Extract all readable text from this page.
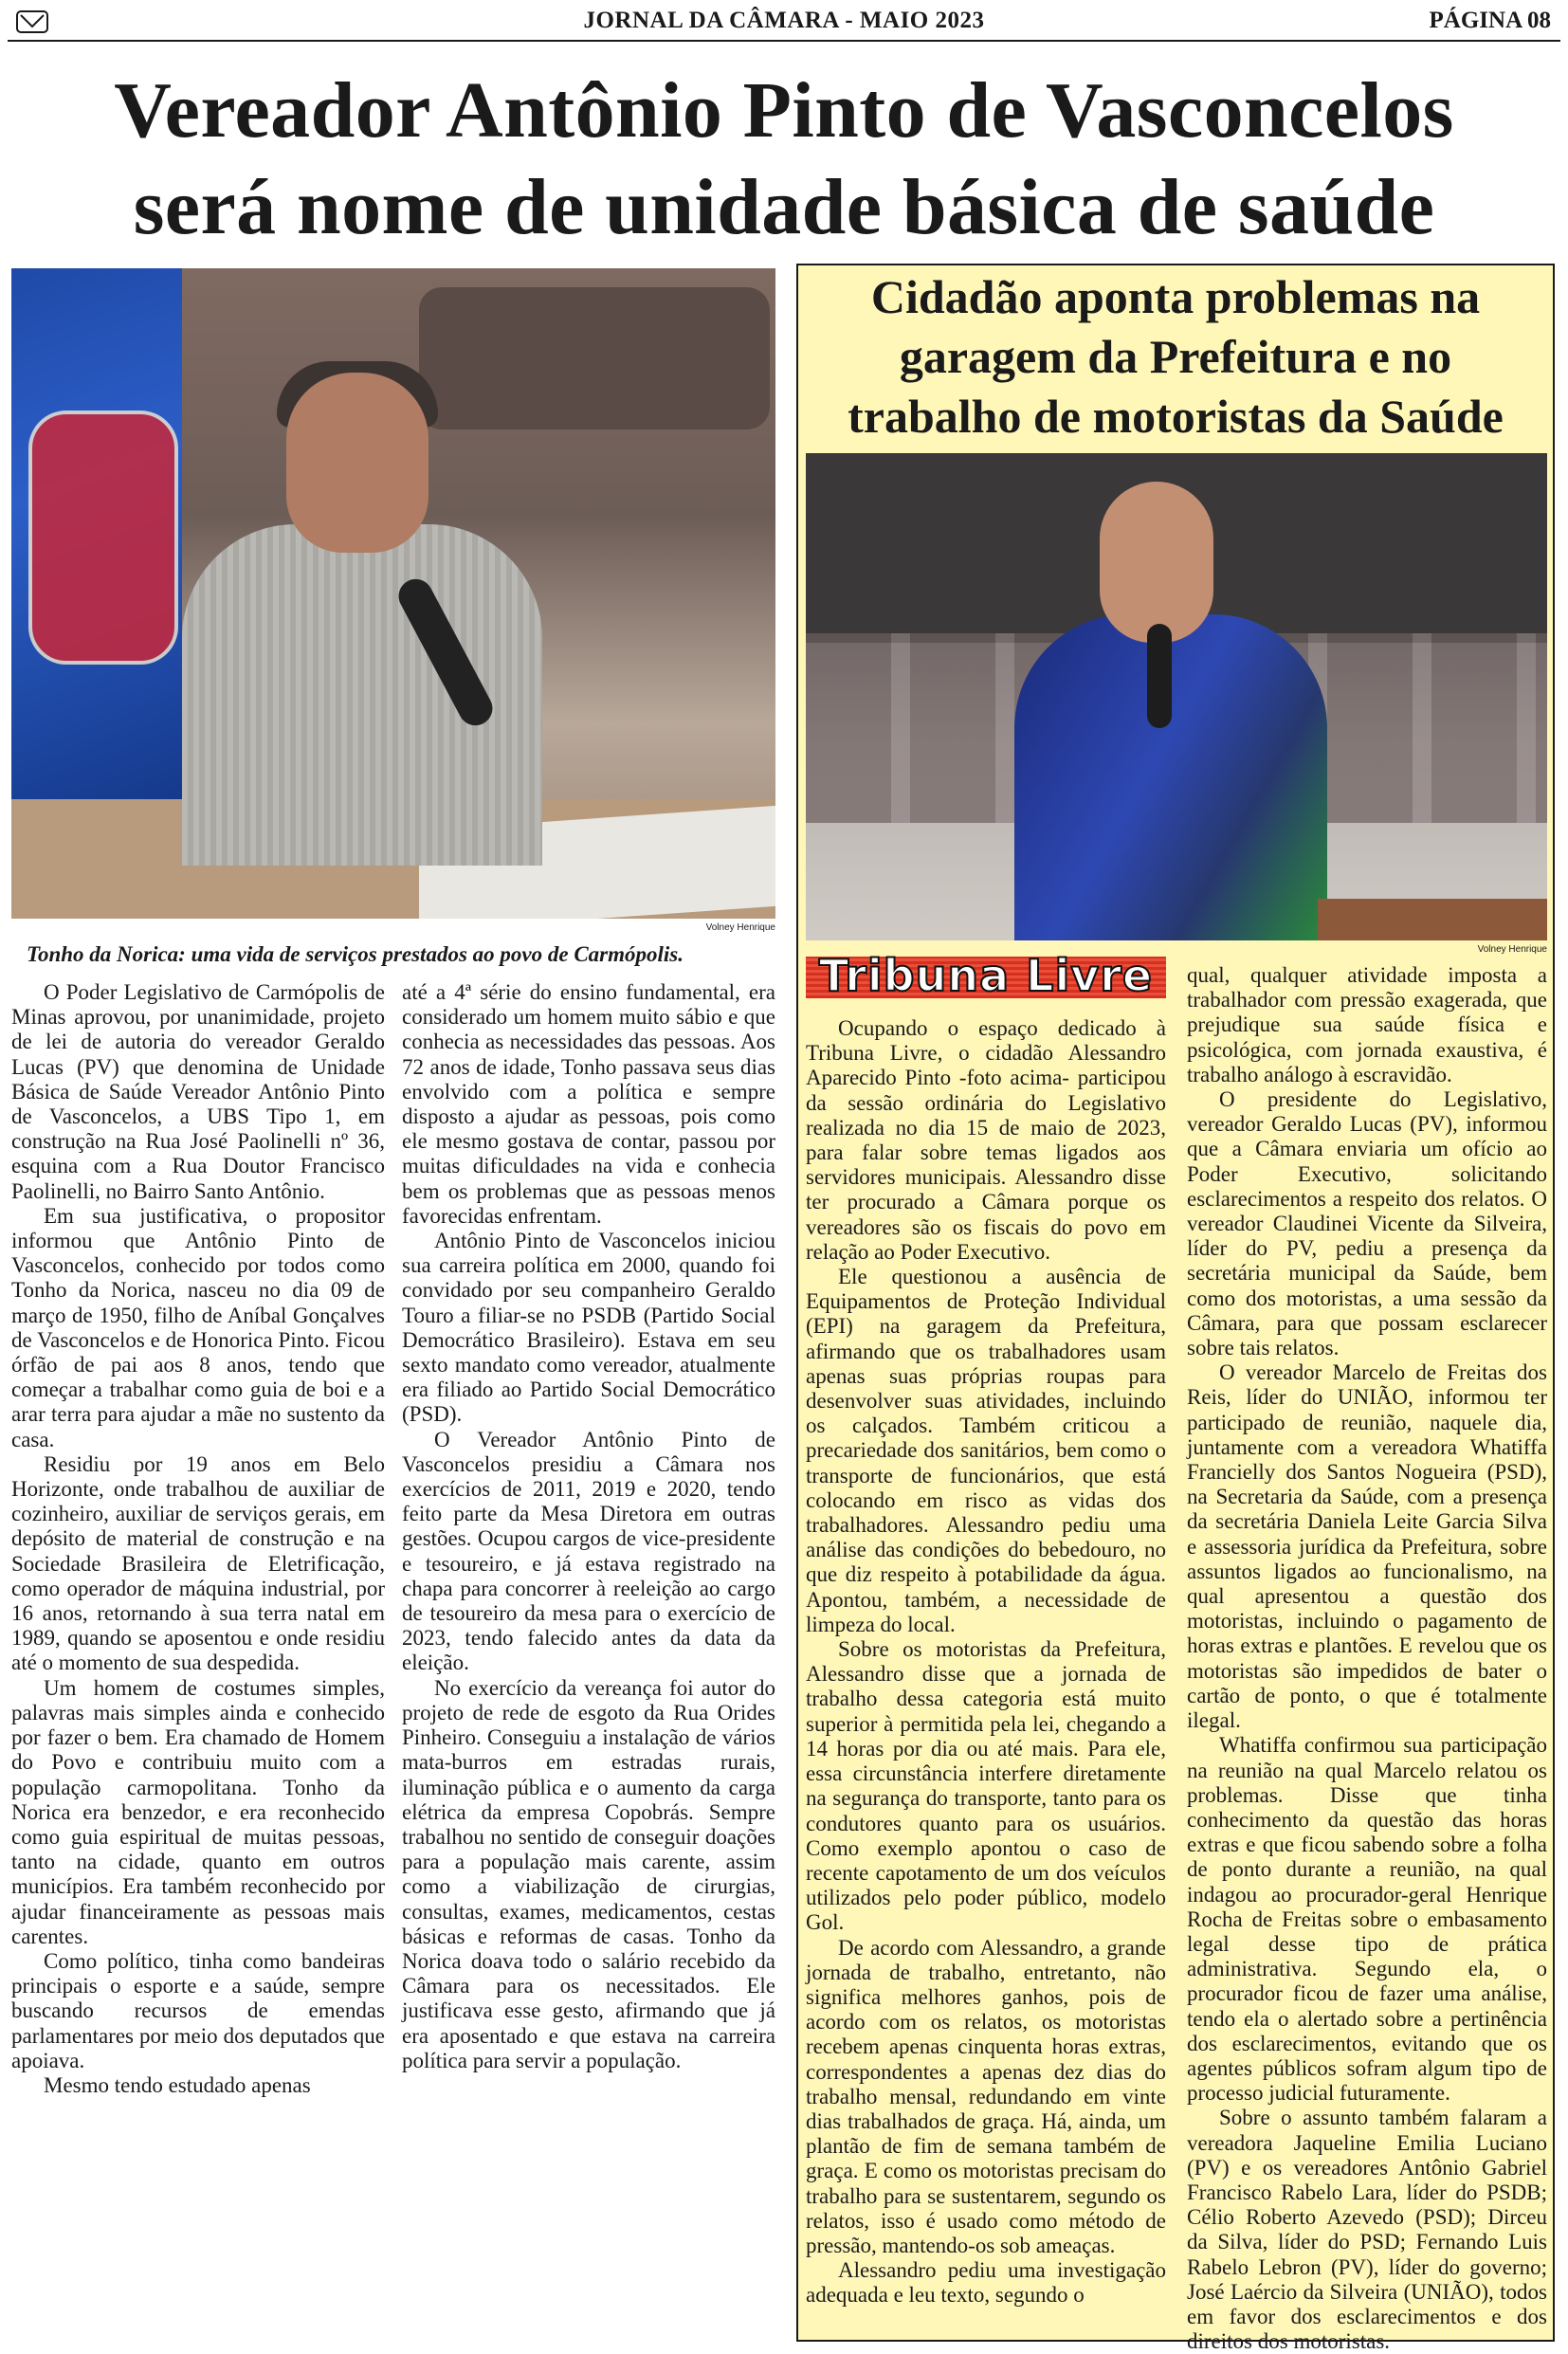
JORNAL DA CÂMARA - MAIO 2023	PÁGINA 08
Vereador Antônio Pinto de Vasconcelos
será nome de unidade básica de saúde
Volney Henrique
Tonho da Norica: uma vida de serviços prestados ao povo de Carmópolis.

O Poder Legislativo de Carmópolis de Minas aprovou, por unanimidade, projeto de lei de autoria do vereador Geraldo Lucas (PV) que denomina de Unidade Básica de Saúde Vereador Antônio Pinto de Vasconcelos, a UBS Tipo 1, em construção na Rua José Paolinelli nº 36, esquina com a Rua Doutor Francisco Paolinelli, no Bairro Santo Antônio.

Em sua justificativa, o propositor informou que Antônio Pinto de Vasconcelos, conhecido por todos como Tonho da Norica, nasceu no dia 09 de março de 1950, filho de Aníbal Gonçalves de Vasconcelos e de Honorica Pinto. Ficou órfão de pai aos 8 anos, tendo que começar a trabalhar como guia de boi e a arar terra para ajudar a mãe no sustento da casa.

Residiu por 19 anos em Belo Horizonte, onde trabalhou de auxiliar de cozinheiro, auxiliar de serviços gerais, em depósito de material de construção e na Sociedade Brasileira de Eletrificação, como operador de máquina industrial, por 16 anos, retornando à sua terra natal em 1989, quando se aposentou e onde residiu até o momento de sua despedida.

Um homem de costumes simples, palavras mais simples ainda e conhecido por fazer o bem. Era chamado de Homem do Povo e contribuiu muito com a população carmopolitana. Tonho da Norica era benzedor, e era reconhecido como guia espiritual de muitas pessoas, tanto na cidade, quanto em outros municípios. Era também reconhecido por ajudar financeiramente as pessoas mais carentes.

Como político, tinha como bandeiras principais o esporte e a saúde, sempre buscando recursos de emendas parlamentares por meio dos deputados que apoiava.

Mesmo tendo estudado apenas

até a 4ª série do ensino fundamental, era considerado um homem muito sábio e que conhecia as necessidades das pessoas. Aos 72 anos de idade, Tonho passava seus dias envolvido com a política e sempre disposto a ajudar as pessoas, pois como ele mesmo gostava de contar, passou por muitas dificuldades na vida e conhecia bem os problemas que as pessoas menos favorecidas enfrentam.

Antônio Pinto de Vasconcelos iniciou sua carreira política em 2000, quando foi convidado por seu companheiro Geraldo Touro a filiar-se no PSDB (Partido Social Democrático Brasileiro). Estava em seu sexto mandato como vereador, atualmente era filiado ao Partido Social Democrático (PSD).

O Vereador Antônio Pinto de Vasconcelos presidiu a Câmara nos exercícios de 2011, 2019 e 2020, tendo feito parte da Mesa Diretora em outras gestões. Ocupou cargos de vice-presidente e tesoureiro, e já estava registrado na chapa para concorrer à reeleição ao cargo de tesoureiro da mesa para o exercício de 2023, tendo falecido antes da data da eleição.

No exercício da vereança foi autor do projeto de rede de esgoto da Rua Orides Pinheiro. Conseguiu a instalação de vários mata-burros em estradas rurais, iluminação pública e o aumento da carga elétrica da empresa Copobrás. Sempre trabalhou no sentido de conseguir doações para a população mais carente, assim como a viabilização de cirurgias, consultas, exames, medicamentos, cestas básicas e reformas de casas. Tonho da Norica doava todo o salário recebido da Câmara para os necessitados. Ele justificava esse gesto, afirmando que já era aposentado e que estava na carreira política para servir a população.

Cidadão aponta problemas na
garagem da Prefeitura e no
trabalho de motoristas da Saúde
Volney Henrique
Tribuna Livre

Ocupando o espaço dedicado à Tribuna Livre, o cidadão Alessandro Aparecido Pinto -foto acima- participou da sessão ordinária do Legislativo realizada no dia 15 de maio de 2023, para falar sobre temas ligados aos servidores municipais. Alessandro disse ter procurado a Câmara porque os vereadores são os fiscais do povo em relação ao Poder Executivo.

Ele questionou a ausência de Equipamentos de Proteção Individual (EPI) na garagem da Prefeitura, afirmando que os trabalhadores usam apenas suas próprias roupas para desenvolver suas atividades, incluindo os calçados. Também criticou a precariedade dos sanitários, bem como o transporte de funcionários, que está colocando em risco as vidas dos trabalhadores. Alessandro pediu uma análise das condições do bebedouro, no que diz respeito à potabilidade da água. Apontou, também, a necessidade de limpeza do local.

Sobre os motoristas da Prefeitura, Alessandro disse que a jornada de trabalho dessa categoria está muito superior à permitida pela lei, chegando a 14 horas por dia ou até mais. Para ele, essa circunstância interfere diretamente na segurança do transporte, tanto para os condutores quanto para os usuários. Como exemplo apontou o caso de recente capotamento de um dos veículos utilizados pelo poder público, modelo Gol.

De acordo com Alessandro, a grande jornada de trabalho, entretanto, não significa melhores ganhos, pois de acordo com os relatos, os motoristas recebem apenas cinquenta horas extras, correspondentes a apenas dez dias do trabalho mensal, redundando em vinte dias trabalhados de graça. Há, ainda, um plantão de fim de semana também de graça. E como os motoristas precisam do trabalho para se sustentarem, segundo os relatos, isso é usado como método de pressão, mantendo-os sob ameaças.

Alessandro pediu uma investigação adequada e leu texto, segundo o

qual, qualquer atividade imposta a trabalhador com pressão exagerada, que prejudique sua saúde física e psicológica, com jornada exaustiva, é trabalho análogo à escravidão.

O presidente do Legislativo, vereador Geraldo Lucas (PV), informou que a Câmara enviaria um ofício ao Poder Executivo, solicitando esclarecimentos a respeito dos relatos. O vereador Claudinei Vicente da Silveira, líder do PV, pediu a presença da secretária municipal da Saúde, bem como dos motoristas, a uma sessão da Câmara, para que possam esclarecer sobre tais relatos.

O vereador Marcelo de Freitas dos Reis, líder do UNIÃO, informou ter participado de reunião, naquele dia, juntamente com a vereadora Whatiffa Francielly dos Santos Nogueira (PSD), na Secretaria da Saúde, com a presença da secretária Daniela Leite Garcia Silva e assessoria jurídica da Prefeitura, sobre assuntos ligados ao funcionalismo, na qual apresentou a questão dos motoristas, incluindo o pagamento de horas extras e plantões. E revelou que os motoristas são impedidos de bater o cartão de ponto, o que é totalmente ilegal.

Whatiffa confirmou sua participação na reunião na qual Marcelo relatou os problemas. Disse que tinha conhecimento da questão das horas extras e que ficou sabendo sobre a folha de ponto durante a reunião, na qual indagou ao procurador-geral Henrique Rocha de Freitas sobre o embasamento legal desse tipo de prática administrativa. Segundo ela, o procurador ficou de fazer uma análise, tendo ela o alertado sobre a pertinência dos esclarecimentos, evitando que os agentes públicos sofram algum tipo de processo judicial futuramente.

Sobre o assunto também falaram a vereadora Jaqueline Emilia Luciano (PV) e os vereadores Antônio Gabriel Francisco Rabelo Lara, líder do PSDB; Célio Roberto Azevedo (PSD); Dirceu da Silva, líder do PSD; Fernando Luis Rabelo Lebron (PV), líder do governo; José Laércio da Silveira (UNIÃO), todos em favor dos esclarecimentos e dos direitos dos motoristas.
